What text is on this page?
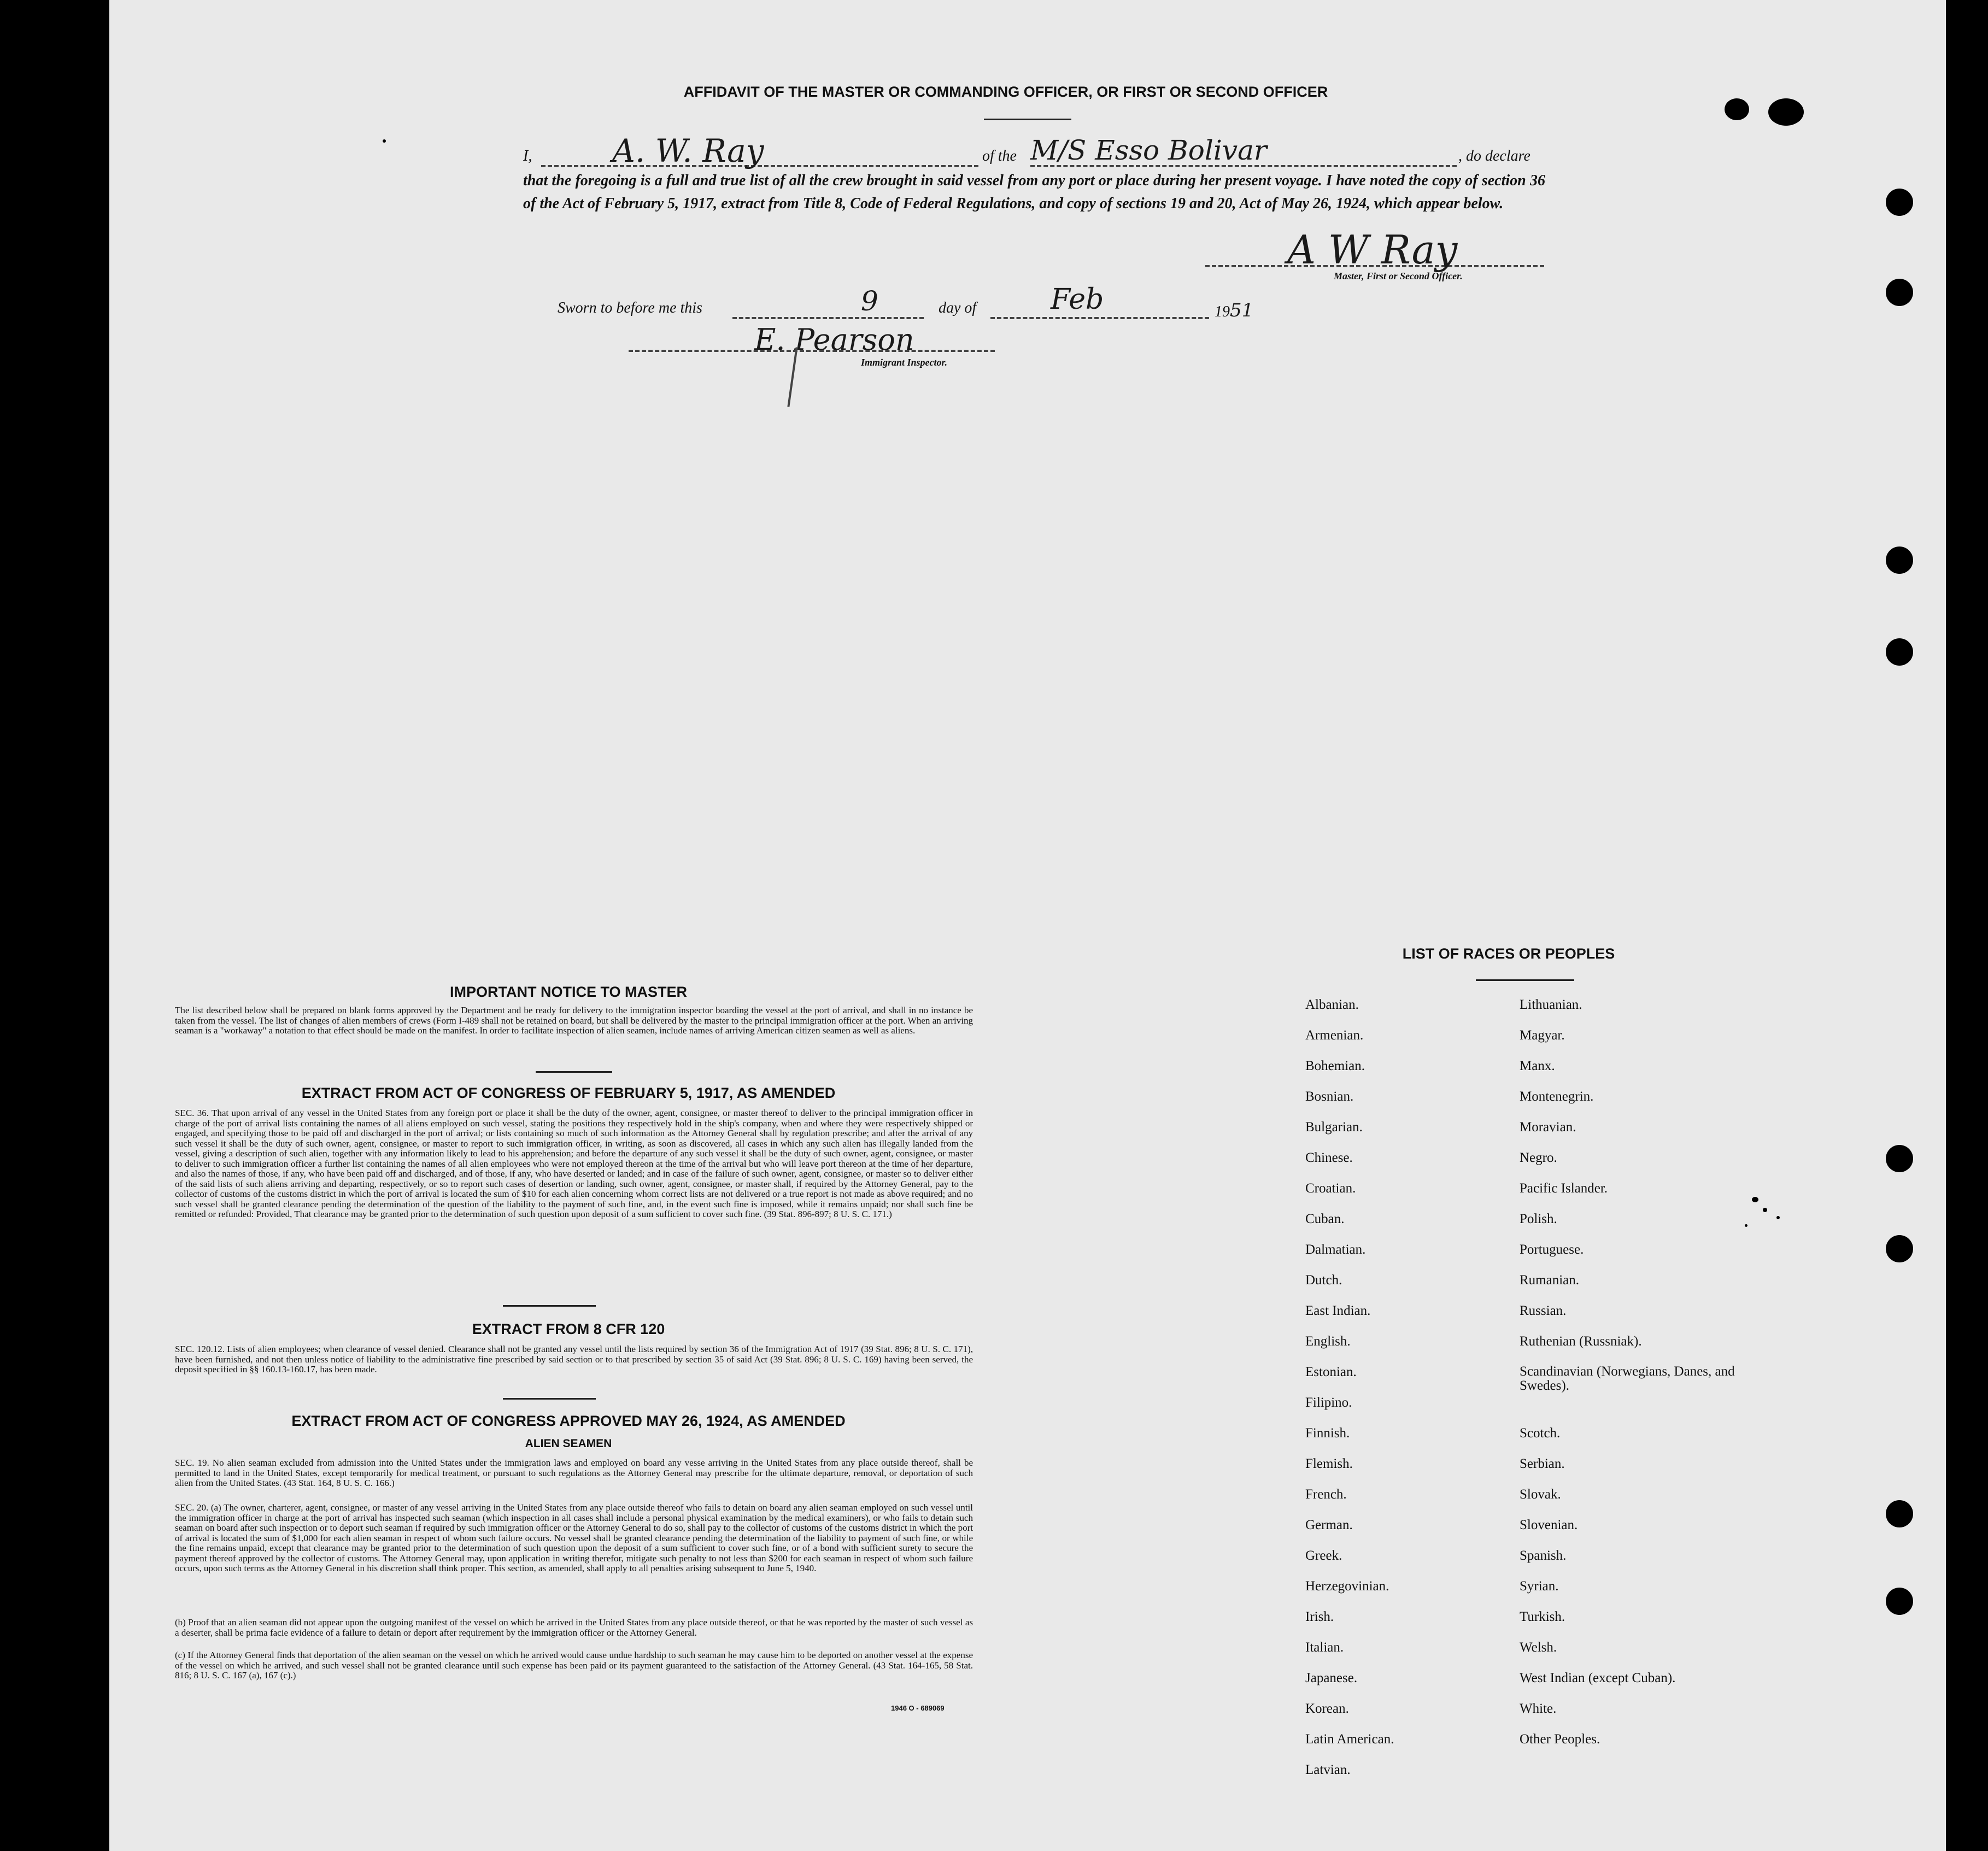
AFFIDAVIT OF THE MASTER OR COMMANDING OFFICER, OR FIRST OR SECOND OFFICER
I,	A. W. Ray	of the M/S Esso Bolivar	, do declare
that the foregoing is a full and true list of all the crew brought in said vessel from any port or place during her present voyage. I have noted the copy of section 36 of the Act of February 5, 1917, extract from Title 8, Code of Federal Regulations, and copy of sections 19 and 20, Act of May 26, 1924, which appear below.
A W Ray
Master, First or Second Officer.
Sworn to before me this	9	day of	Feb	1951
E. Pearson
Immigrant Inspector.
IMPORTANT NOTICE TO MASTER
The list described below shall be prepared on blank forms approved by the Department and be ready for delivery to the immigration inspector boarding the vessel at the port of arrival, and shall in no instance be taken from the vessel. The list of changes of alien members of crews (Form I-489 shall not be retained on board, but shall be delivered by the master to the principal immigration officer at the port. When an arriving seaman is a "workaway" a notation to that effect should be made on the manifest. In order to facilitate inspection of alien seamen, include names of arriving American citizen seamen as well as aliens.
EXTRACT FROM ACT OF CONGRESS OF FEBRUARY 5, 1917, AS AMENDED
SEC. 36. That upon arrival of any vessel in the United States from any foreign port or place it shall be the duty of the owner, agent, consignee, or master thereof to deliver to the principal immigration officer in charge of the port of arrival lists containing the names of all aliens employed on such vessel, stating the positions they respectively hold in the ship's company, when and where they were respectively shipped or engaged, and specifying those to be paid off and discharged in the port of arrival; or lists containing so much of such information as the Attorney General shall by regulation prescribe; and after the arrival of any such vessel it shall be the duty of such owner, agent, consignee, or master to report to such immigration officer, in writing, as soon as discovered, all cases in which any such alien has illegally landed from the vessel, giving a description of such alien, together with any information likely to lead to his apprehension; and before the departure of any such vessel it shall be the duty of such owner, agent, consignee, or master to deliver to such immigration officer a further list containing the names of all alien employees who were not employed thereon at the time of the arrival but who will leave port thereon at the time of her departure, and also the names of those, if any, who have been paid off and discharged, and of those, if any, who have deserted or landed; and in case of the failure of such owner, agent, consignee, or master so to deliver either of the said lists of such aliens arriving and departing, respectively, or so to report such cases of desertion or landing, such owner, agent, consignee, or master shall, if required by the Attorney General, pay to the collector of customs of the customs district in which the port of arrival is located the sum of $10 for each alien concerning whom correct lists are not delivered or a true report is not made as above required; and no such vessel shall be granted clearance pending the determination of the question of the liability to the payment of such fine, and, in the event such fine is imposed, while it remains unpaid; nor shall such fine be remitted or refunded: Provided, That clearance may be granted prior to the determination of such question upon deposit of a sum sufficient to cover such fine. (39 Stat. 896-897; 8 U. S. C. 171.)
EXTRACT FROM 8 CFR 120
SEC. 120.12. Lists of alien employees; when clearance of vessel denied. Clearance shall not be granted any vessel until the lists required by section 36 of the Immigration Act of 1917 (39 Stat. 896; 8 U. S. C. 171), have been furnished, and not then unless notice of liability to the administrative fine prescribed by said section or to that prescribed by section 35 of said Act (39 Stat. 896; 8 U. S. C. 169) having been served, the deposit specified in §§ 160.13-160.17, has been made.
EXTRACT FROM ACT OF CONGRESS APPROVED MAY 26, 1924, AS AMENDED
ALIEN SEAMEN
SEC. 19. No alien seaman excluded from admission into the United States under the immigration laws and employed on board any vesse arriving in the United States from any place outside thereof, shall be permitted to land in the United States, except temporarily for medical treatment, or pursuant to such regulations as the Attorney General may prescribe for the ultimate departure, removal, or deportation of such alien from the United States. (43 Stat. 164, 8 U. S. C. 166.)
SEC. 20. (a) The owner, charterer, agent, consignee, or master of any vessel arriving in the United States from any place outside thereof who fails to detain on board any alien seaman employed on such vessel until the immigration officer in charge at the port of arrival has inspected such seaman (which inspection in all cases shall include a personal physical examination by the medical examiners), or who fails to detain such seaman on board after such inspection or to deport such seaman if required by such immigration officer or the Attorney General to do so, shall pay to the collector of customs of the customs district in which the port of arrival is located the sum of $1,000 for each alien seaman in respect of whom such failure occurs. No vessel shall be granted clearance pending the determination of the liability to payment of such fine, or while the fine remains unpaid, except that clearance may be granted prior to the determination of such question upon the deposit of a sum sufficient to cover such fine, or of a bond with sufficient surety to secure the payment thereof approved by the collector of customs. The Attorney General may, upon application in writing therefor, mitigate such penalty to not less than $200 for each seaman in respect of whom such failure occurs, upon such terms as the Attorney General in his discretion shall think proper. This section, as amended, shall apply to all penalties arising subsequent to June 5, 1940.
(b) Proof that an alien seaman did not appear upon the outgoing manifest of the vessel on which he arrived in the United States from any place outside thereof, or that he was reported by the master of such vessel as a deserter, shall be prima facie evidence of a failure to detain or deport after requirement by the immigration officer or the Attorney General.
(c) If the Attorney General finds that deportation of the alien seaman on the vessel on which he arrived would cause undue hardship to such seaman he may cause him to be deported on another vessel at the expense of the vessel on which he arrived, and such vessel shall not be granted clearance until such expense has been paid or its payment guaranteed to the satisfaction of the Attorney General. (43 Stat. 164-165, 58 Stat. 816; 8 U. S. C. 167 (a), 167 (c).)
1946 O - 689069
LIST OF RACES OR PEOPLES
Albanian.
Armenian.
Bohemian.
Bosnian.
Bulgarian.
Chinese.
Croatian.
Cuban.
Dalmatian.
Dutch.
East Indian.
English.
Estonian.
Filipino.
Finnish.
Flemish.
French.
German.
Greek.
Herzegovinian.
Irish.
Italian.
Japanese.
Korean.
Latin American.
Latvian.
Lithuanian.
Magyar.
Manx.
Montenegrin.
Moravian.
Negro.
Pacific Islander.
Polish.
Portuguese.
Rumanian.
Russian.
Ruthenian (Russniak).
Scandinavian (Norwegians, Danes, and Swedes).
Scotch.
Serbian.
Slovak.
Slovenian.
Spanish.
Syrian.
Turkish.
Welsh.
West Indian (except Cuban).
White.
Other Peoples.
